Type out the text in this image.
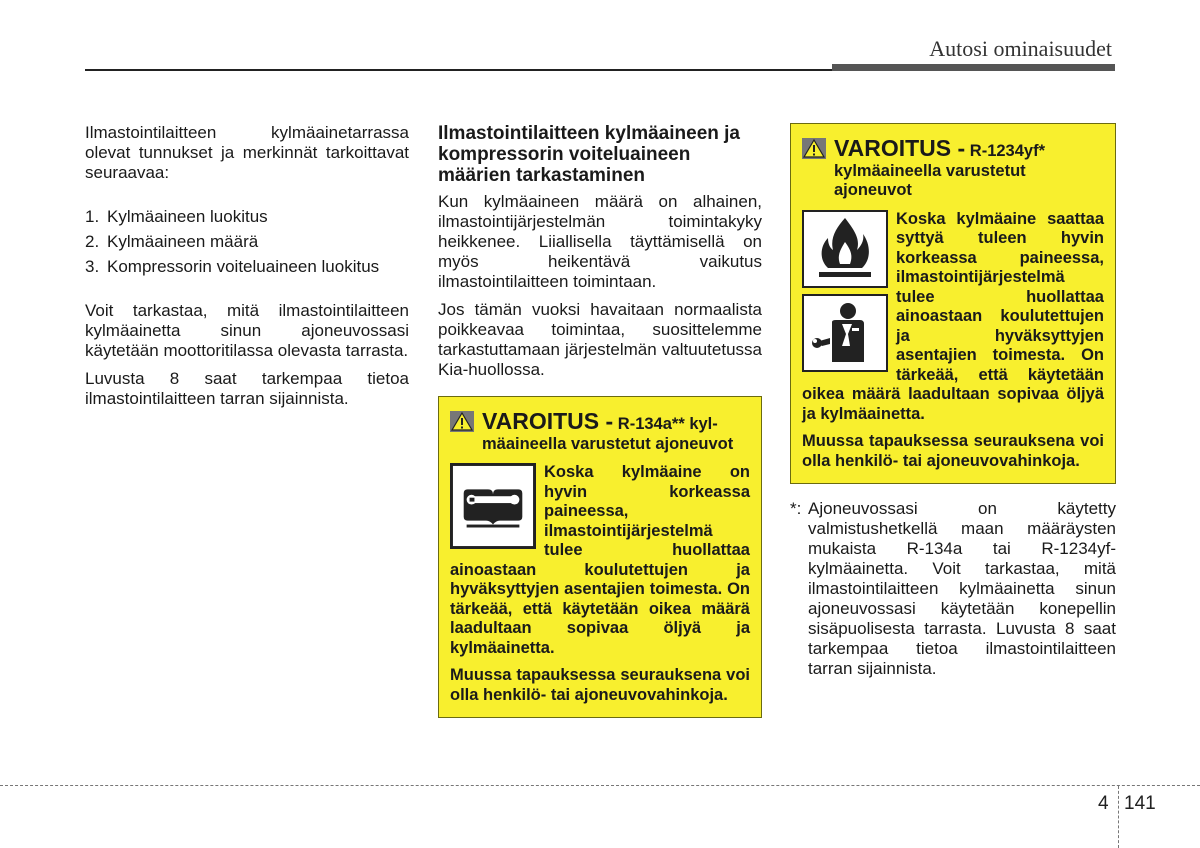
Autosi ominaisuudet

Ilmastointilaitteen kylmäainetarrassa olevat tunnukset ja merkinnät tarkoittavat seuraavaa:

1. Kylmäaineen luokitus
2. Kylmäaineen määrä
3. Kompressorin voiteluaineen luokitus

Voit tarkastaa, mitä ilmastointilaitteen kylmäainetta sinun ajoneuvossasi käytetään moottoritilassa olevasta tarrasta.

Luvusta 8 saat tarkempaa tietoa ilmastointilaitteen tarran sijainnista.

Ilmastointilaitteen kylmäaineen ja kompressorin voiteluaineen määrien tarkastaminen

Kun kylmäaineen määrä on alhainen, ilmastointijärjestelmän toimintakyky heikkenee. Liiallisella täyttämisellä on myös heikentävä vaikutus ilmastointilaitteen toimintaan.

Jos tämän vuoksi havaitaan normaalista poikkeavaa toimintaa, suosittelemme tarkastuttamaan järjestelmän valtuutetussa Kia-huollossa.

VAROITUS - R-134a** kyl- mäaineella varustetut ajoneuvot

Koska kylmäaine on hyvin korkeassa paineessa, ilmastointijärjestelmä tulee huollattaa ainoastaan koulutettujen ja hyväksyttyjen asentajien toimesta. On tärkeää, että käytetään oikea määrä laadultaan sopivaa öljyä ja kylmäainetta.

Muussa tapauksessa seurauksena voi olla henkilö- tai ajoneuvovahinkoja.

VAROITUS - R-1234yf*
kylmäaineella varustetut ajoneuvot

Koska kylmäaine saattaa syttyä tuleen hyvin korkeassa paineessa, ilmastointijärjestelmä tulee huollattaa ainoastaan koulutettujen ja hyväksyttyjen asentajien toimesta. On tärkeää, että käytetään oikea määrä laadultaan sopivaa öljyä ja kylmäainetta.

Muussa tapauksessa seurauksena voi olla henkilö- tai ajoneuvovahinkoja.

*: Ajoneuvossasi on käytetty valmistushetkellä maan määräysten mukaista R-134a tai R-1234yf-kylmäainetta. Voit tarkastaa, mitä ilmastointilaitteen kylmäainetta sinun ajoneuvossasi käytetään konepellin sisäpuolisesta tarrasta. Luvusta 8 saat tarkempaa tietoa ilmastointilaitteen tarran sijainnista.

4 141
